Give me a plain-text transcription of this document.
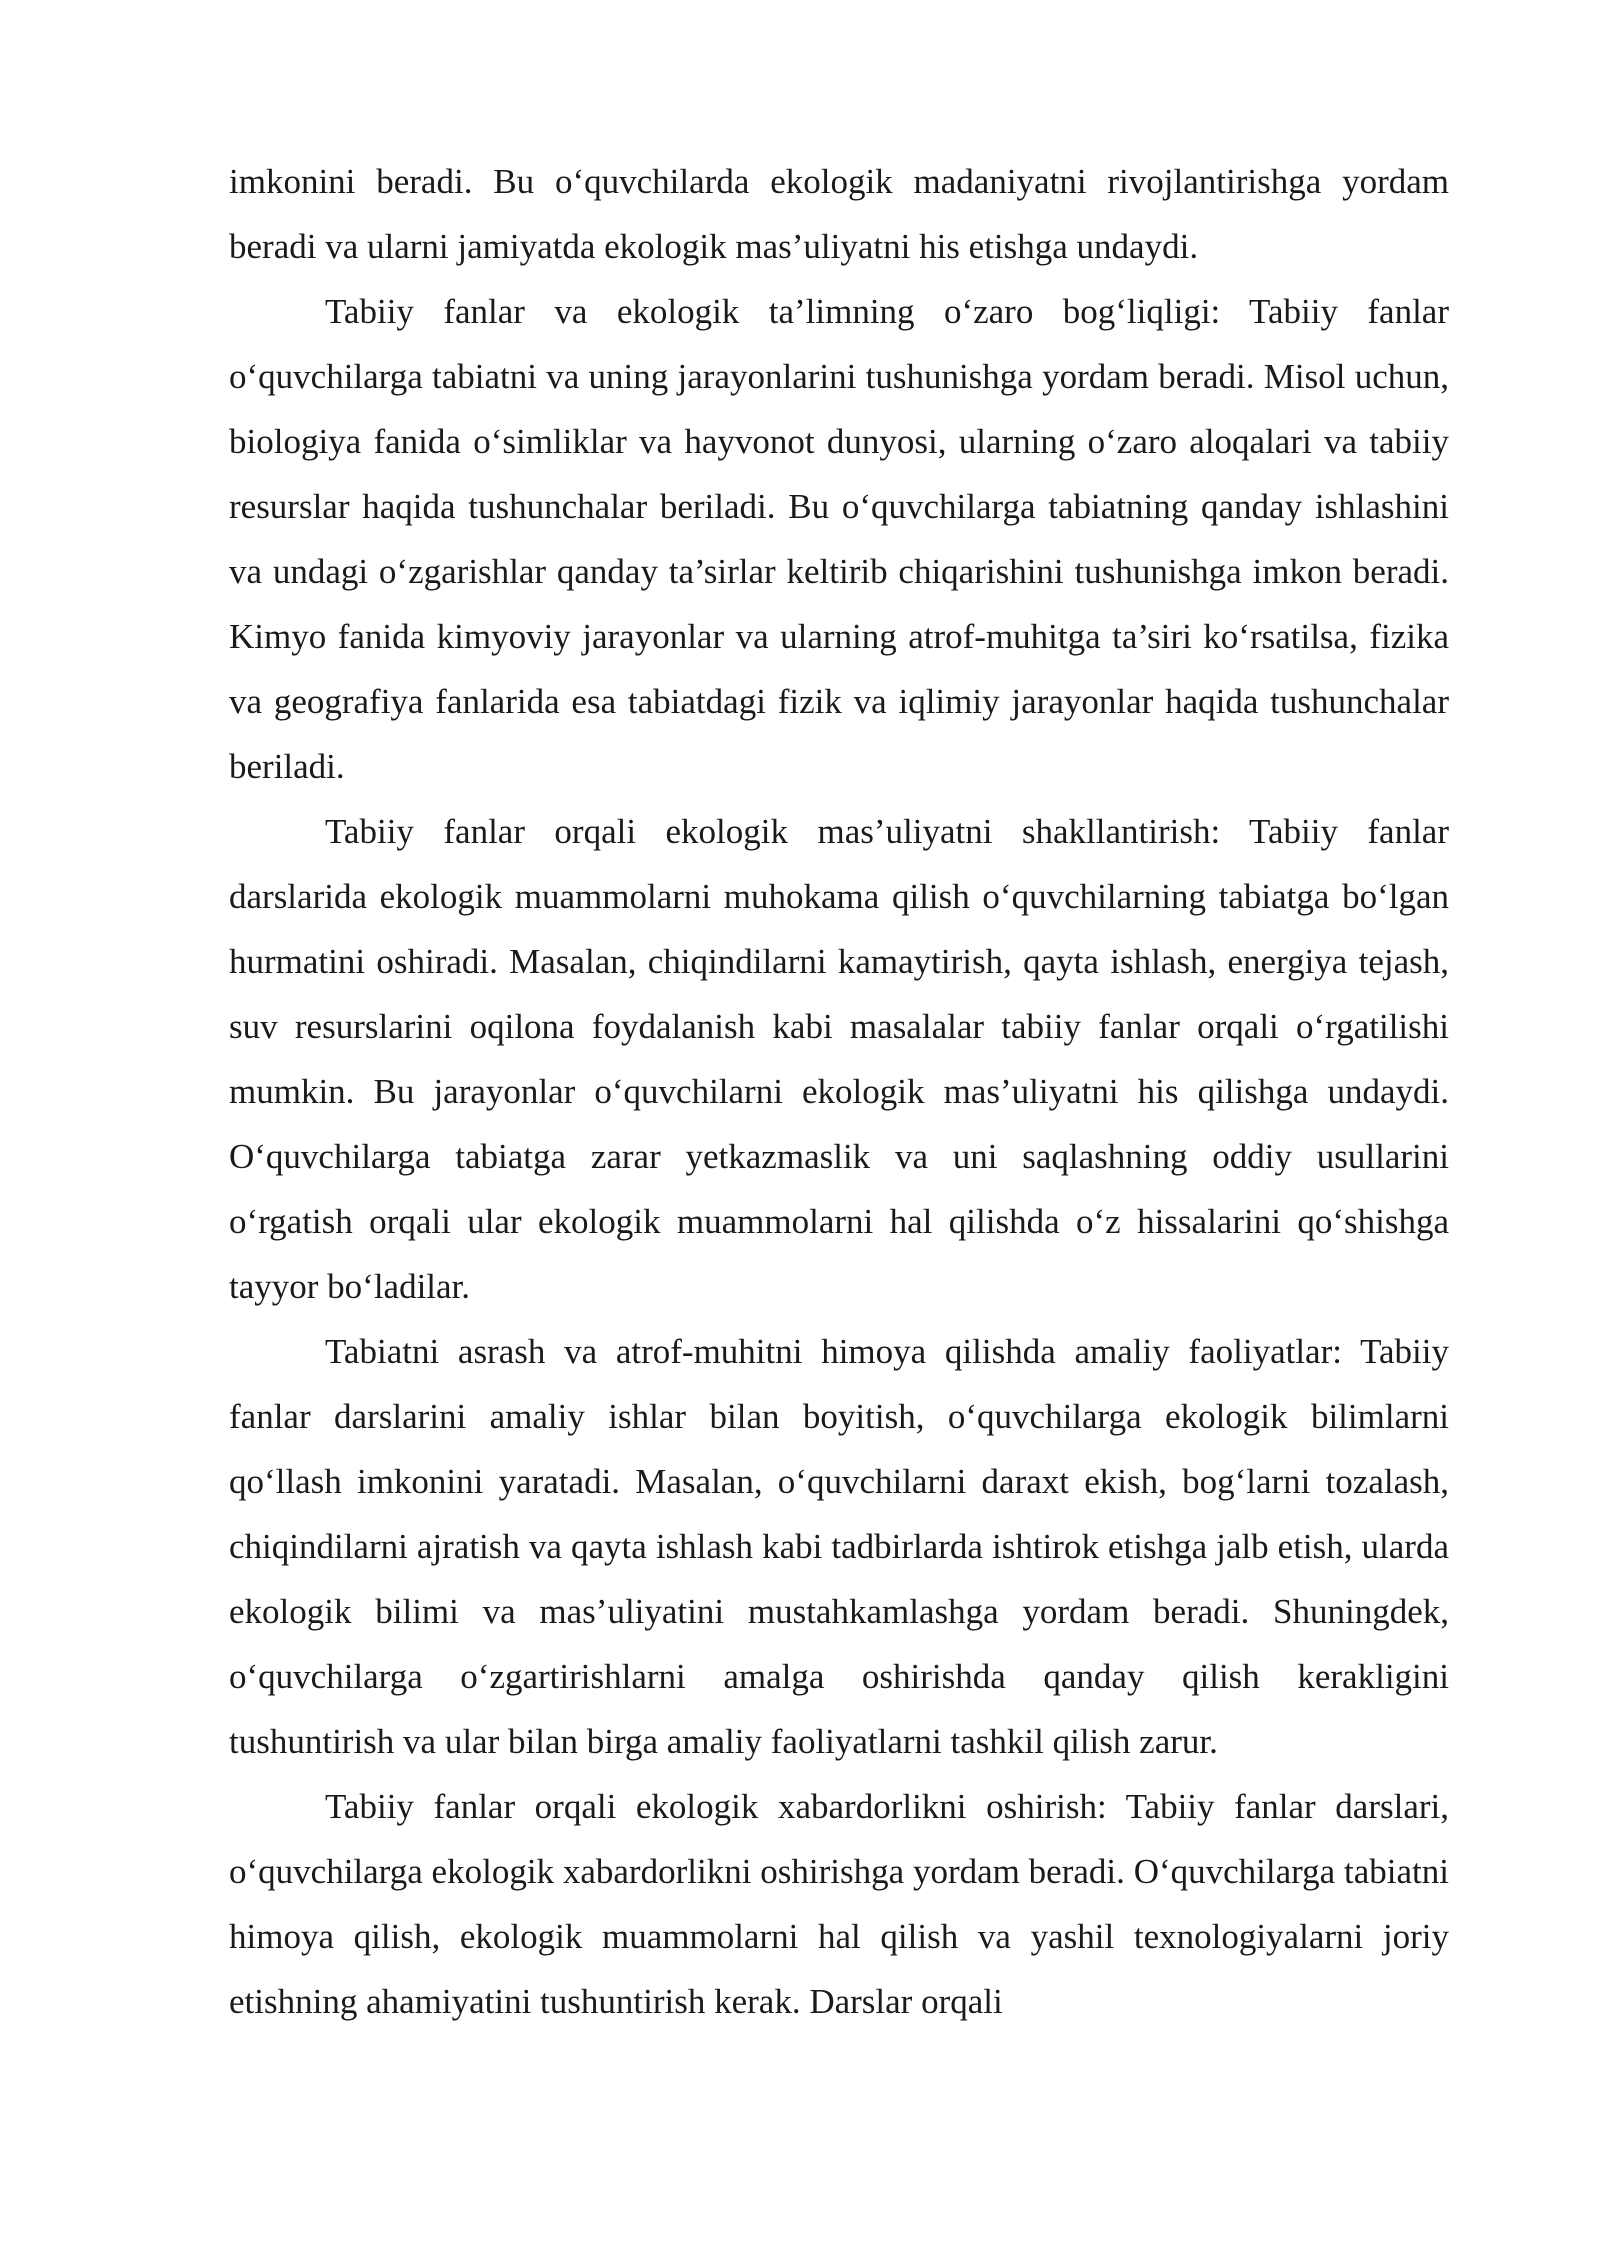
imkonini beradi. Bu o‘quvchilarda ekologik madaniyatni rivojlantirishga yordam beradi va ularni jamiyatda ekologik mas’uliyatni his etishga undaydi.

Tabiiy fanlar va ekologik ta’limning o‘zaro bog‘liqligi: Tabiiy fanlar o‘quvchilarga tabiatni va uning jarayonlarini tushunishga yordam beradi. Misol uchun, biologiya fanida o‘simliklar va hayvonot dunyosi, ularning o‘zaro aloqalari va tabiiy resurslar haqida tushunchalar beriladi. Bu o‘quvchilarga tabiatning qanday ishlashini va undagi o‘zgarishlar qanday ta’sirlar keltirib chiqarishini tushunishga imkon beradi. Kimyo fanida kimyoviy jarayonlar va ularning atrof-muhitga ta’siri ko‘rsatilsa, fizika va geografiya fanlarida esa tabiatdagi fizik va iqlimiy jarayonlar haqida tushunchalar beriladi.

Tabiiy fanlar orqali ekologik mas’uliyatni shakllantirish: Tabiiy fanlar darslarida ekologik muammolarni muhokama qilish o‘quvchilarning tabiatga bo‘lgan hurmatini oshiradi. Masalan, chiqindilarni kamaytirish, qayta ishlash, energiya tejash, suv resurslarini oqilona foydalanish kabi masalalar tabiiy fanlar orqali o‘rgatilishi mumkin. Bu jarayonlar o‘quvchilarni ekologik mas’uliyatni his qilishga undaydi. O‘quvchilarga tabiatga zarar yetkazmaslik va uni saqlashning oddiy usullarini o‘rgatish orqali ular ekologik muammolarni hal qilishda o‘z hissalarini qo‘shishga tayyor bo‘ladilar.

Tabiatni asrash va atrof-muhitni himoya qilishda amaliy faoliyatlar: Tabiiy fanlar darslarini amaliy ishlar bilan boyitish, o‘quvchilarga ekologik bilimlarni qo‘llash imkonini yaratadi. Masalan, o‘quvchilarni daraxt ekish, bog‘larni tozalash, chiqindilarni ajratish va qayta ishlash kabi tadbirlarda ishtirok etishga jalb etish, ularda ekologik bilimi va mas’uliyatini mustahkamlashga yordam beradi. Shuningdek, o‘quvchilarga o‘zgartirishlarni amalga oshirishda qanday qilish kerakligini tushuntirish va ular bilan birga amaliy faoliyatlarni tashkil qilish zarur.

Tabiiy fanlar orqali ekologik xabardorlikni oshirish: Tabiiy fanlar darslari, o‘quvchilarga ekologik xabardorlikni oshirishga yordam beradi. O‘quvchilarga tabiatni himoya qilish, ekologik muammolarni hal qilish va yashil texnologiyalarni joriy etishning ahamiyatini tushuntirish kerak. Darslar orqali
